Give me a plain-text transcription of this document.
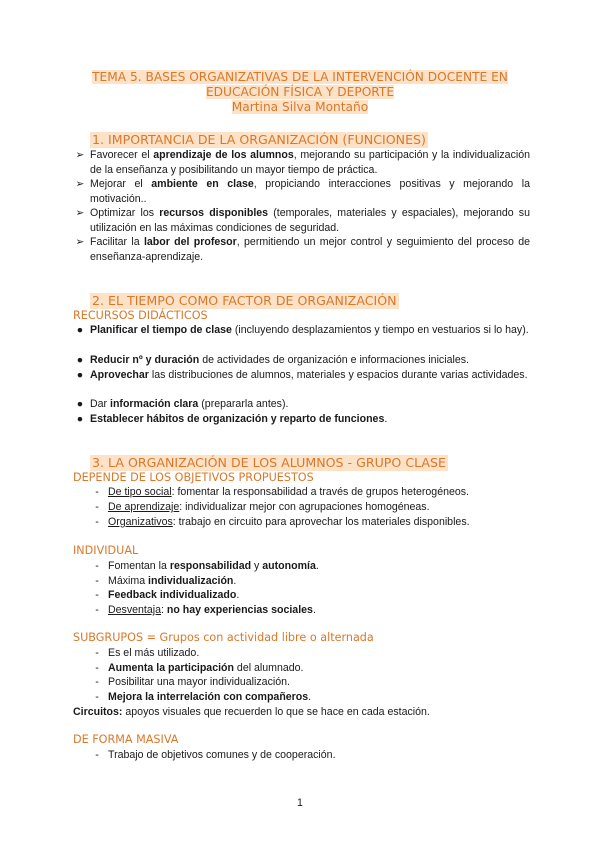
TEMA 5. BASES ORGANIZATIVAS DE LA INTERVENCIÓN DOCENTE EN
EDUCACIÓN FÍSICA Y DEPORTE
Martina Silva Montaño
1. IMPORTANCIA DE LA ORGANIZACIÓN (FUNCIONES)
➢ Favorecer el aprendizaje de los alumnos, mejorando su participación y la individualización de la enseñanza y posibilitando un mayor tiempo de práctica.
➢ Mejorar el ambiente en clase, propiciando interacciones positivas y mejorando la motivación..
➢ Optimizar los recursos disponibles (temporales, materiales y espaciales), mejorando su utilización en las máximas condiciones de seguridad.
➢ Facilitar la labor del profesor, permitiendo un mejor control y seguimiento del proceso de enseñanza-aprendizaje.
2. EL TIEMPO COMO FACTOR DE ORGANIZACIÓN
RECURSOS DIDÁCTICOS
● Planificar el tiempo de clase (incluyendo desplazamientos y tiempo en vestuarios si lo hay).
● Reducir nº y duración de actividades de organización e informaciones iniciales.
● Aprovechar las distribuciones de alumnos, materiales y espacios durante varias actividades.
● Dar información clara (prepararla antes).
● Establecer hábitos de organización y reparto de funciones.
3. LA ORGANIZACIÓN DE LOS ALUMNOS - GRUPO CLASE
DEPENDE DE LOS OBJETIVOS PROPUESTOS
- De tipo social: fomentar la responsabilidad a través de grupos heterogéneos.
- De aprendizaje: individualizar mejor con agrupaciones homogéneas.
- Organizativos: trabajo en circuito para aprovechar los materiales disponibles.
INDIVIDUAL
- Fomentan la responsabilidad y autonomía.
- Máxima individualización.
- Feedback individualizado.
- Desventaja: no hay experiencias sociales.
SUBGRUPOS = Grupos con actividad libre o alternada
- Es el más utilizado.
- Aumenta la participación del alumnado.
- Posibilitar una mayor individualización.
- Mejora la interrelación con compañeros.
Circuitos: apoyos visuales que recuerden lo que se hace en cada estación.
DE FORMA MASIVA
- Trabajo de objetivos comunes y de cooperación.
1
